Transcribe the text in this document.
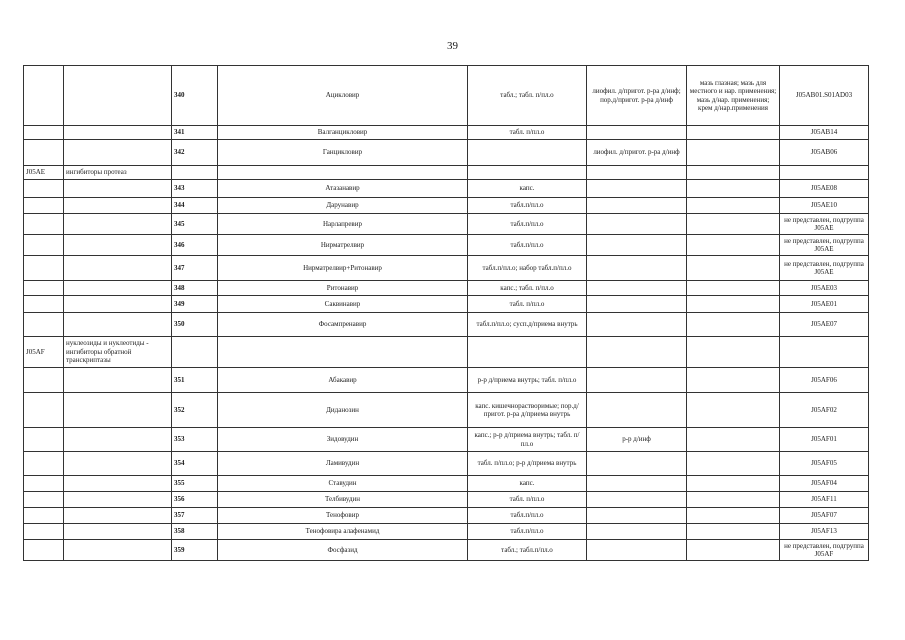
39
		340	Ацикловир	табл.; табл. п/пл.о	лиофил. д/пригот. р-ра д/инф; пор.д/пригот. р-ра д/инф	мазь глазная; мазь для местного и нар. применения; мазь д/нар. применения; крем д/нар.применения	J05AB01.S01AD03
		341	Валганцикловир	табл. п/пл.о			J05AB14
		342	Ганцикловир		лиофил. д/пригот. р-ра д/инф		J05AB06
J05AE	ингибиторы протеаз						
		343	Атазанавир	капс.			J05AE08
		344	Дарунавир	табл.п/пл.о			J05AE10
		345	Нарлапревир	табл.п/пл.о			не представлен, подгруппа J05AE
		346	Нирматрелвир	табл.п/пл.о			не представлен, подгруппа J05AE
		347	Нирматрелвир+Ритонавир	табл.п/пл.о; набор табл.п/пл.о			не представлен, подгруппа J05AE
		348	Ритонавир	капс.; табл. п/пл.о			J05AE03
		349	Саквинавир	табл. п/пл.о			J05AE01
		350	Фосампренавир	табл.п/пл.о; сусп.д/приема внутрь			J05AE07
J05AF	нуклеозиды и нуклеотиды - ингибиторы обратной транскриптазы						
		351	Абакавир	р-р д/приема внутрь; табл. п/пл.о			J05AF06
		352	Диданозин	капс. кишечнорастворимые; пор.д/пригот. р-ра д/приема внутрь			J05AF02
		353	Зидовудин	капс.; р-р д/приема внутрь; табл. п/пл.о	р-р д/инф		J05AF01
		354	Ламивудин	табл. п/пл.о; р-р д/приема внутрь			J05AF05
		355	Ставудин	капс.			J05AF04
		356	Телбивудин	табл. п/пл.о			J05AF11
		357	Тенофовир	табл.п/пл.о			J05AF07
		358	Тенофовира алафенамид	табл.п/пл.о			J05AF13
		359	Фосфазид	табл.; табл.п/пл.о			не представлен, подгруппа J05AF
